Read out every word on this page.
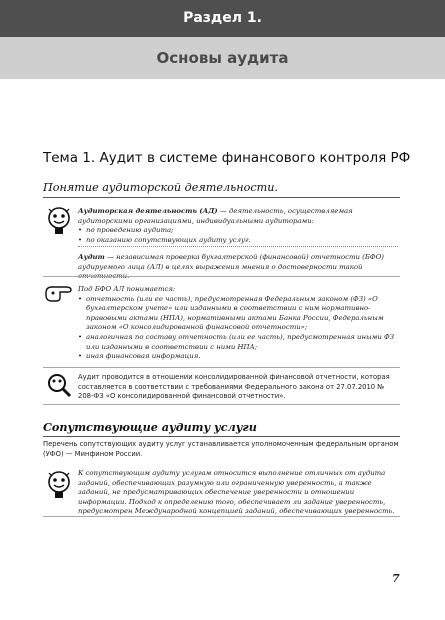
Раздел 1.
Основы аудита
Тема 1. Аудит в системе финансового контроля РФ
Понятие аудиторской деятельности.
Аудиторская деятельность (АД) — деятельность, осуществляемая аудиторскими организациями, индивидуальными аудиторами:
• по проведению аудита;
• по оказанию сопутствующих аудиту услуг.
Аудит — независимая проверка бухгалтерской (финансовой) отчетности (БФО) аудируемого лица (АЛ) в целях выражения мнения о достоверности такой
Под БФО АЛ понимается:
• отчетность (или ее часть), предусмотренная Федеральным законом (ФЗ) «О бухгалтерском учете» или изданными в соответствии с ним нормативно-правовыми актами (НПА), нормативными актами Банка России, Федеральным законом «О консолидированной финансовой отчетности»;
• аналогичная по составу отчетность (или ее часть), предусмотренная иными ФЗ или изданными в соответствии с ними НПА;
• иная финансовая информация.
Аудит проводится в отношении консолидированной финансовой отчетности, которая составляется в соответствии с требованиями Федерального закона от 27.07.2010 № 208-ФЗ «О консолидированной финансовой отчетности».
Сопутствующие аудиту услуги
Перечень сопутствующих аудиту услуг устанавливается уполномоченным федеральным органом (УФО) — Минфином России.
К сопутствующим аудиту услугам относится выполнение отличных от аудита заданий, обеспечивающих разумную или ограниченную уверенность, а также заданий, не предусматривающих обеспечение уверенности и отношении информации. Подход к определению того, обеспечивает ли задание уверенность, предусмотрен Международной концепцией заданий, обеспечивающих уверенность.
7
